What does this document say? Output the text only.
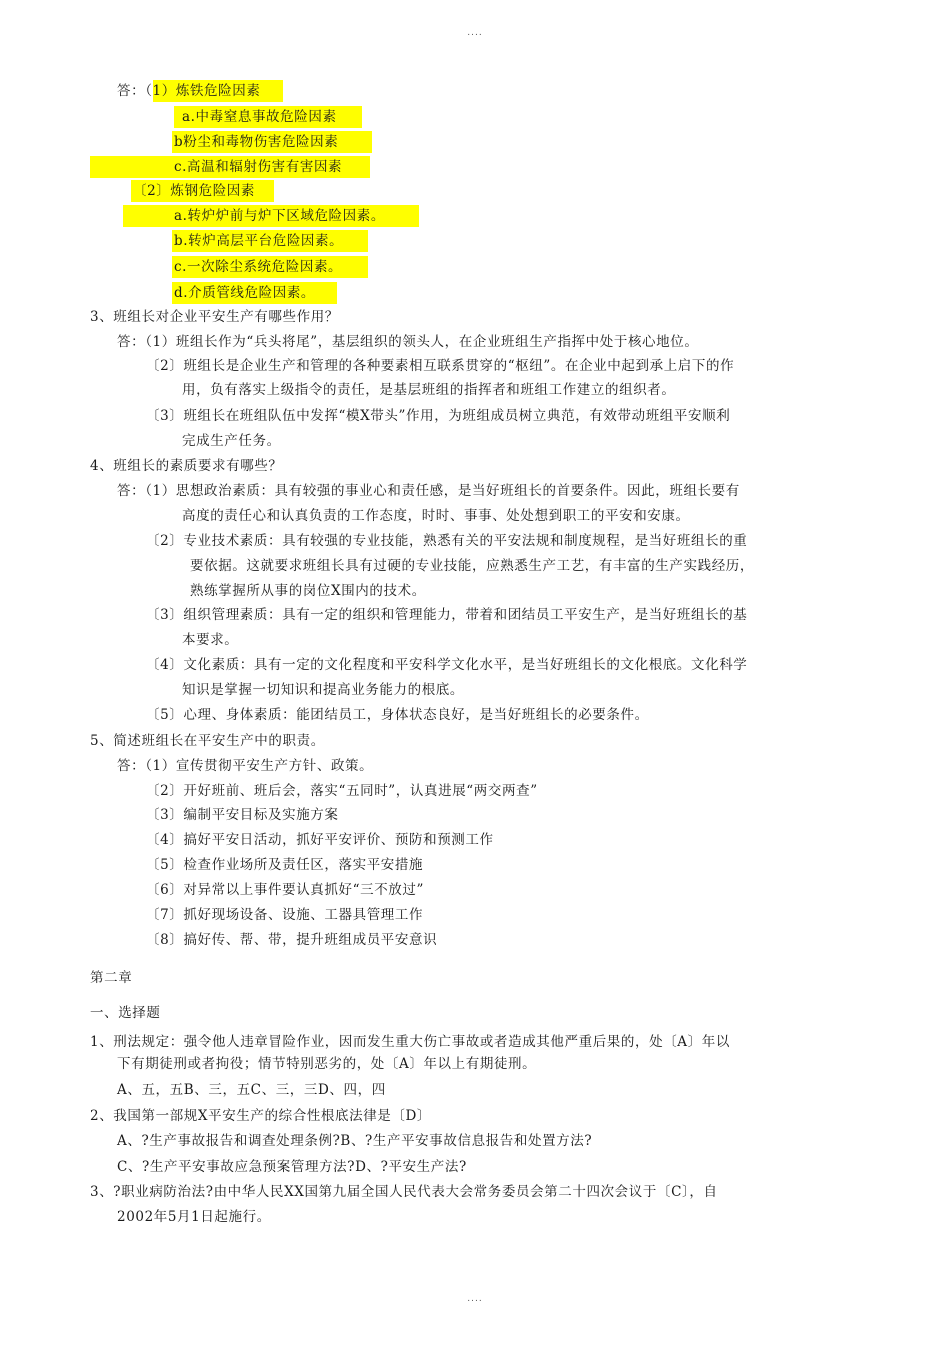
....
答：（1）炼铁危险因素
a.中毒窒息事故危险因素
b粉尘和毒物伤害危险因素
c.高温和辐射伤害有害因素
〔2〕炼钢危险因素
a.转炉炉前与炉下区域危险因素。
b.转炉高层平台危险因素。
c.一次除尘系统危险因素。
d.介质管线危险因素。
3、班组长对企业平安生产有哪些作用？
答：（1）班组长作为“兵头将尾”，基层组织的领头人，在企业班组生产指挥中处于核心地位。
〔2〕班组长是企业生产和管理的各种要素相互联系贯穿的“枢纽”。在企业中起到承上启下的作
用，负有落实上级指令的责任，是基层班组的指挥者和班组工作建立的组织者。
〔3〕班组长在班组队伍中发挥“模X带头”作用，为班组成员树立典范，有效带动班组平安顺利
完成生产任务。
4、班组长的素质要求有哪些？
答：（1）思想政治素质：具有较强的事业心和责任感，是当好班组长的首要条件。因此，班组长要有
高度的责任心和认真负责的工作态度，时时、事事、处处想到职工的平安和安康。
〔2〕专业技术素质：具有较强的专业技能，熟悉有关的平安法规和制度规程，是当好班组长的重
要依据。这就要求班组长具有过硬的专业技能，应熟悉生产工艺，有丰富的生产实践经历，
熟练掌握所从事的岗位X围内的技术。
〔3〕组织管理素质：具有一定的组织和管理能力，带着和团结员工平安生产，是当好班组长的基
本要求。
〔4〕文化素质：具有一定的文化程度和平安科学文化水平，是当好班组长的文化根底。文化科学
知识是掌握一切知识和提高业务能力的根底。
〔5〕心理、身体素质：能团结员工，身体状态良好，是当好班组长的必要条件。
5、简述班组长在平安生产中的职责。
答：（1）宣传贯彻平安生产方针、政策。
〔2〕开好班前、班后会，落实“五同时”，认真进展“两交两查”
〔3〕编制平安目标及实施方案
〔4〕搞好平安日活动，抓好平安评价、预防和预测工作
〔5〕检查作业场所及责任区，落实平安措施
〔6〕对异常以上事件要认真抓好“三不放过”
〔7〕抓好现场设备、设施、工器具管理工作
〔8〕搞好传、帮、带，提升班组成员平安意识
第二章
一、选择题
1、刑法规定：强令他人违章冒险作业，因而发生重大伤亡事故或者造成其他严重后果的，处〔A〕年以
下有期徒刑或者拘役；情节特别恶劣的，处〔A〕年以上有期徒刑。
A、五，五B、三，五C、三，三D、四，四
2、我国第一部规X平安生产的综合性根底法律是〔D〕
A、?生产事故报告和调查处理条例?B、?生产平安事故信息报告和处置方法?
C、?生产平安事故应急预案管理方法?D、?平安生产法?
3、?职业病防治法?由中华人民XX国第九届全国人民代表大会常务委员会第二十四次会议于〔C〕，自
2002年5月1日起施行。
....
